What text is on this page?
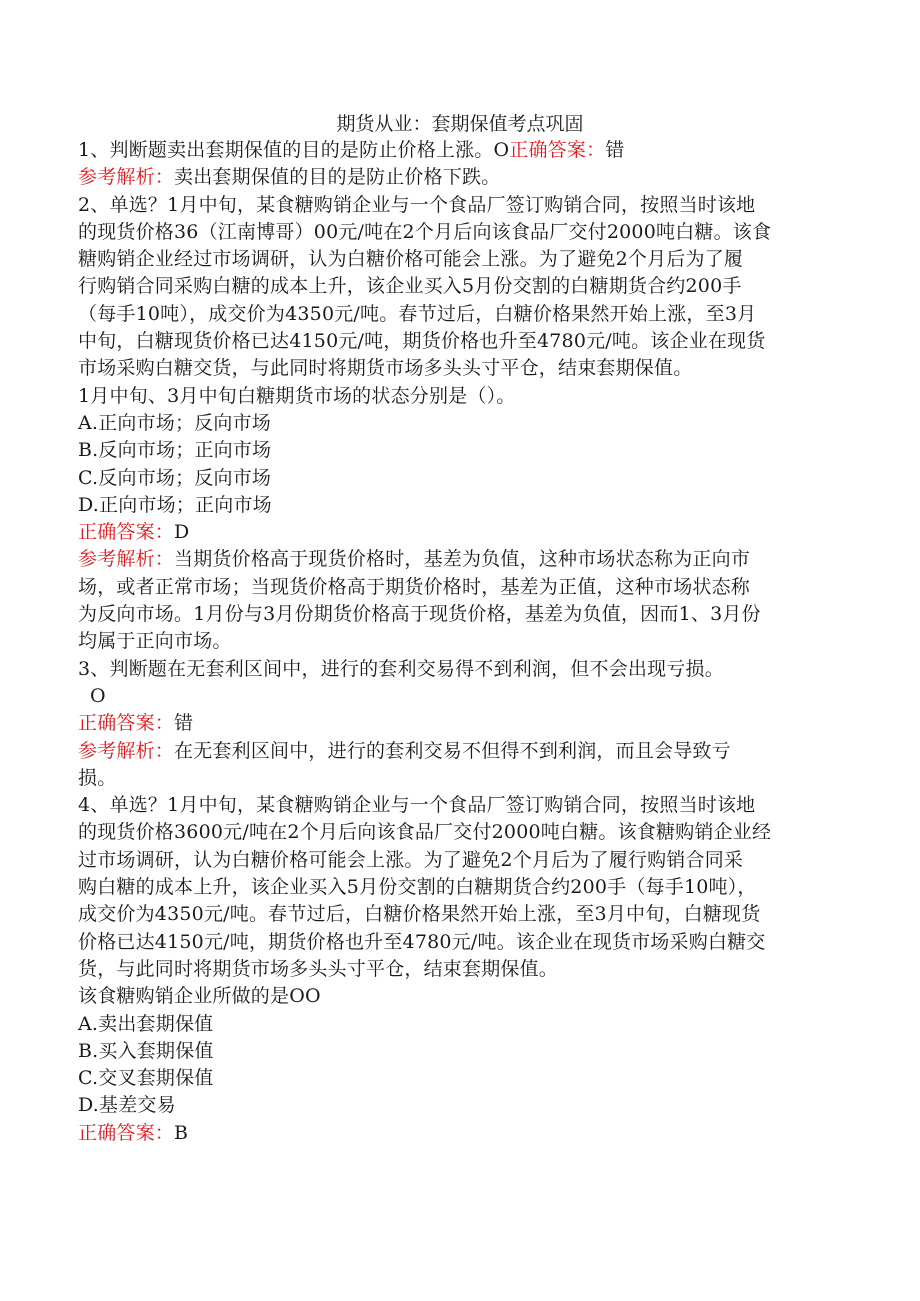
期货从业：套期保值考点巩固
1、判断题卖出套期保值的目的是防止价格上涨。O正确答案：错
参考解析：卖出套期保值的目的是防止价格下跌。
2、单选？1月中旬，某食糖购销企业与一个食品厂签订购销合同，按照当时该地
的现货价格36（江南博哥）00元/吨在2个月后向该食品厂交付2000吨白糖。该食
糖购销企业经过市场调研，认为白糖价格可能会上涨。为了避免2个月后为了履
行购销合同采购白糖的成本上升，该企业买入5月份交割的白糖期货合约200手
（每手10吨），成交价为4350元/吨。春节过后，白糖价格果然开始上涨，至3月
中旬，白糖现货价格已达4150元/吨，期货价格也升至4780元/吨。该企业在现货
市场采购白糖交货，与此同时将期货市场多头头寸平仓，结束套期保值。
1月中旬、3月中旬白糖期货市场的状态分别是（）。
A.正向市场；反向市场
B.反向市场；正向市场
C.反向市场；反向市场
D.正向市场；正向市场
正确答案：D
参考解析：当期货价格高于现货价格时，基差为负值，这种市场状态称为正向市
场，或者正常市场；当现货价格高于期货价格时，基差为正值，这种市场状态称
为反向市场。1月份与3月份期货价格高于现货价格，基差为负值，因而1、3月份
均属于正向市场。
3、判断题在无套利区间中，进行的套利交易得不到利润，但不会出现亏损。
O
正确答案：错
参考解析：在无套利区间中，进行的套利交易不但得不到利润，而且会导致亏
损。
4、单选？1月中旬，某食糖购销企业与一个食品厂签订购销合同，按照当时该地
的现货价格3600元/吨在2个月后向该食品厂交付2000吨白糖。该食糖购销企业经
过市场调研，认为白糖价格可能会上涨。为了避免2个月后为了履行购销合同采
购白糖的成本上升，该企业买入5月份交割的白糖期货合约200手（每手10吨），
成交价为4350元/吨。春节过后，白糖价格果然开始上涨，至3月中旬，白糖现货
价格已达4150元/吨，期货价格也升至4780元/吨。该企业在现货市场采购白糖交
货，与此同时将期货市场多头头寸平仓，结束套期保值。
该食糖购销企业所做的是OO
A.卖出套期保值
B.买入套期保值
C.交叉套期保值
D.基差交易
正确答案：B
